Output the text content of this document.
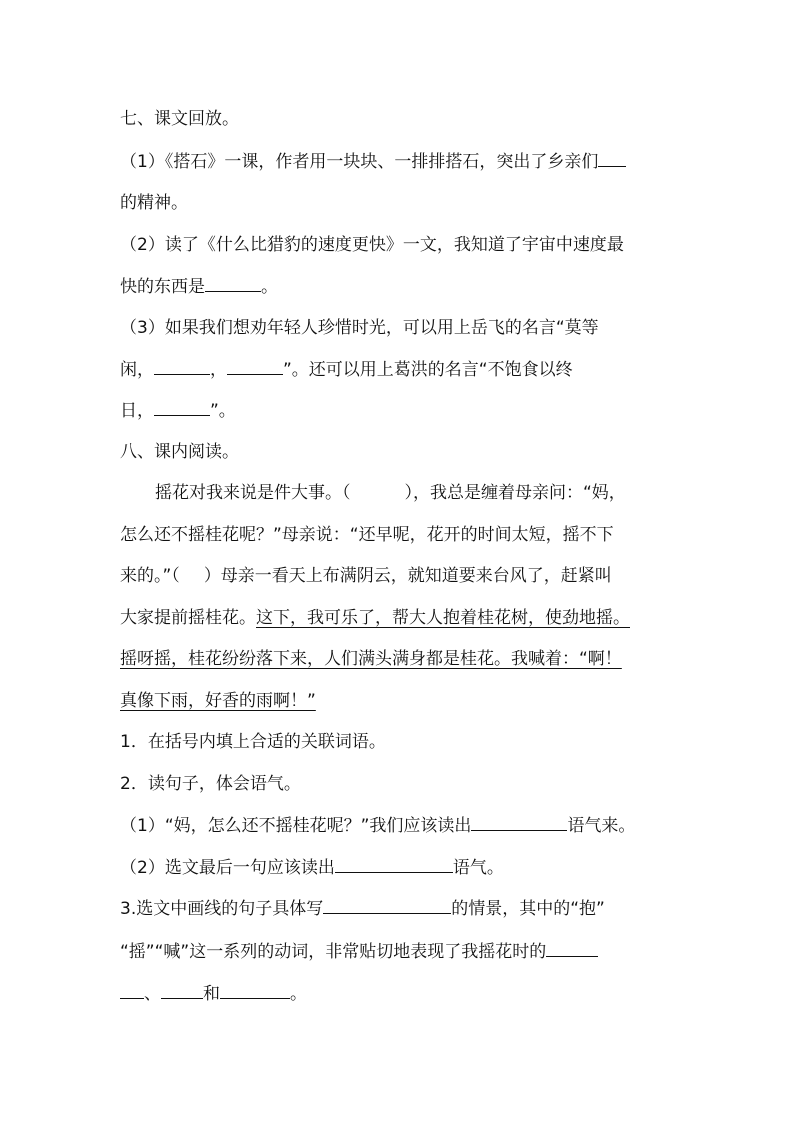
七、课文回放。
（1）《搭石》一课，作者用一块块、一排排搭石，突出了乡亲们
的精神。
（2）读了《什么比猎豹的速度更快》一文，我知道了宇宙中速度最
快的东西是	。
（3）如果我们想劝年轻人珍惜时光，可以用上岳飞的名言“莫等
闲，	，	”。还可以用上葛洪的名言“不饱食以终
日，	”。
八、课内阅读。
摇花对我来说是件大事。（	），我总是缠着母亲问：“妈，
怎么还不摇桂花呢？”母亲说：“还早呢，花开的时间太短，摇不下
来的。”（ ）母亲一看天上布满阴云，就知道要来台风了，赶紧叫
大家提前摇桂花。这下，我可乐了，帮大人抱着桂花树，使劲地摇。
摇呀摇，桂花纷纷落下来，人们满头满身都是桂花。我喊着：“啊！
真像下雨，好香的雨啊！”
1．在括号内填上合适的关联词语。
2．读句子，体会语气。
（1）“妈，怎么还不摇桂花呢？”我们应该读出	语气来。
（2）选文最后一句应该读出	语气。
3.选文中画线的句子具体写	的情景，其中的“抱”
“摇”“喊”这一系列的动词，非常贴切地表现了我摇花时的
、 和	。
